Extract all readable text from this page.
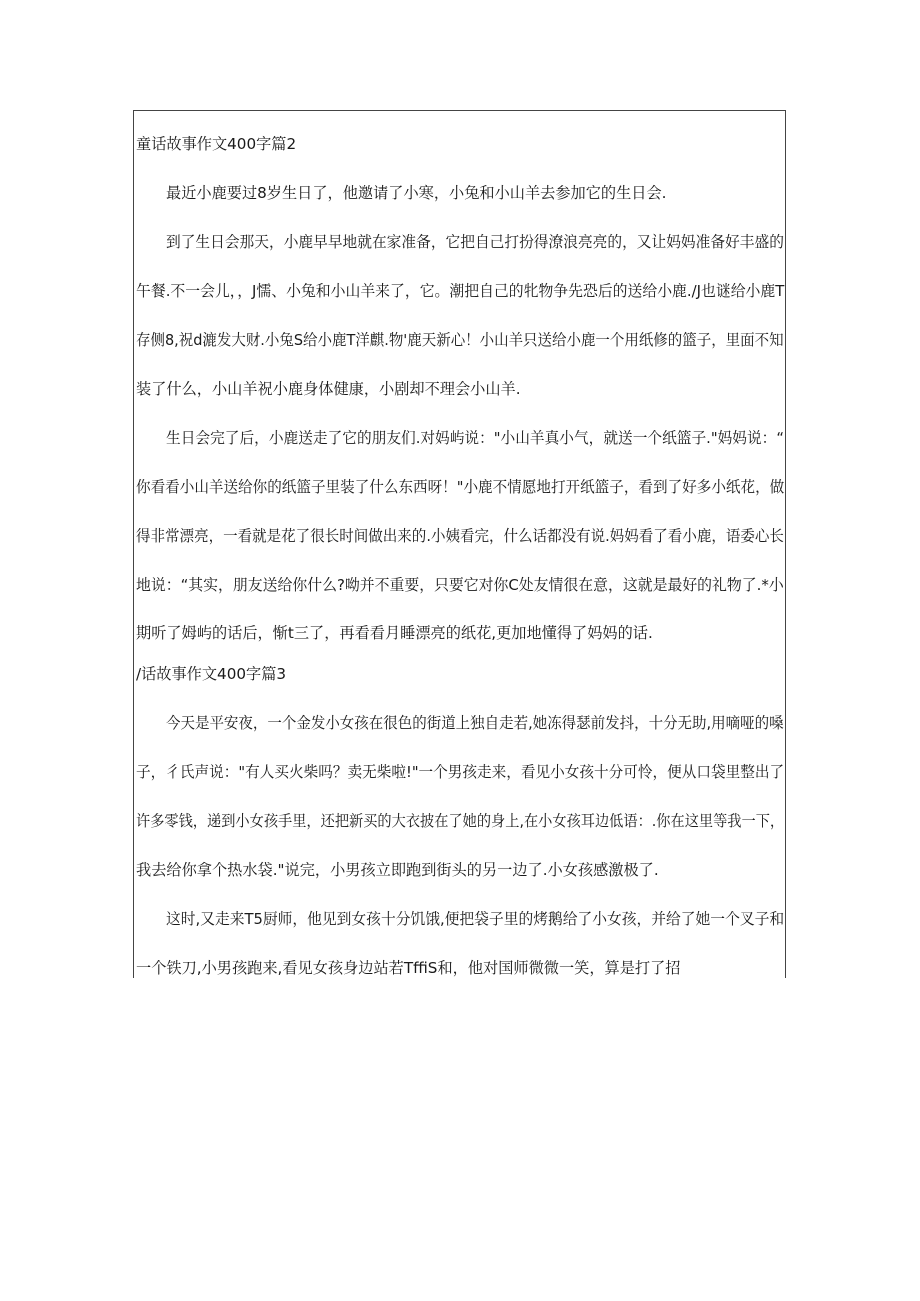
童话故事作文400字篇2
最近小鹿要过8岁生日了，他邀请了小寒，小兔和小山羊去参加它的生日会.
到了生日会那天，小鹿早早地就在家准备，它把自己打扮得潦浪亮亮的，又让妈妈准备好丰盛的
午餐.不一会儿，，J懦、小兔和小山羊来了，它。潮把自己的牝物争先恐后的送给小鹿./J也谜给小鹿T
存侧8,祝d漉发大财.小兔S给小鹿T洋麒.物'鹿天新心！小山羊只送给小鹿一个用纸修的篮子，里面不知
装了什么，小山羊祝小鹿身体健康，小剧却不理会小山羊.
生日会完了后，小鹿送走了它的朋友们.对妈屿说："小山羊真小气，就送一个纸篮子."妈妈说：“
你看看小山羊送给你的纸篮子里装了什么东西呀！"小鹿不情愿地打开纸篮子，看到了好多小纸花，做
得非常漂亮，一看就是花了很长时间做出来的.小姨看完，什么话都没有说.妈妈看了看小鹿，语委心长
地说：“其实，朋友送给你什么?呦并不重要，只要它对你C处友情很在意，这就是最好的礼物了.*小
期听了姆屿的话后，惭t三了，再看看月睡漂亮的纸花,更加地懂得了妈妈的话.
/话故事作文400字篇3
今天是平安夜，一个金发小女孩在很色的街道上独自走若,她冻得瑟前发抖，十分无助,用嘀哑的嗓
子，彳氏声说："有人买火柴吗？卖无柴啦!"一个男孩走来，看见小女孩十分可怜，便从口袋里整出了
许多零钱，递到小女孩手里，还把新买的大衣披在了她的身上,在小女孩耳边低语：.你在这里等我一下，
我去给你拿个热水袋."说完，小男孩立即跑到街头的另一边了.小女孩感激极了.
这时,又走来T5厨师，他见到女孩十分饥饿,便把袋子里的烤鹅给了小女孩，并给了她一个叉子和
一个铁刀,小男孩跑来,看见女孩身边站若TffiS和，他对国师微微一笑，算是打了招
